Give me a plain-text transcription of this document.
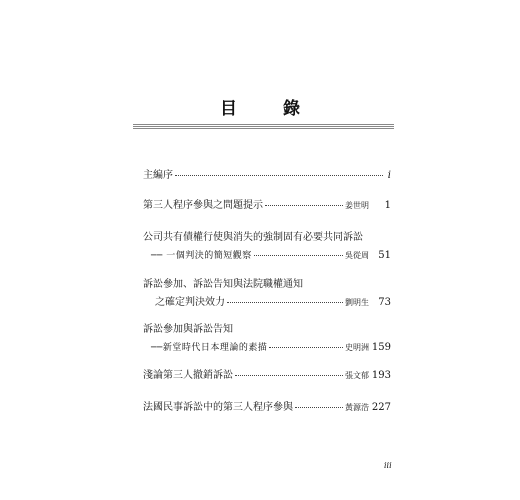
目 錄
主編序	i
第三人程序參與之問題提示	姜世明	1
公司共有債權行使與消失的強制固有必要共同訴訟
── 一個判決的簡短觀察	吳從周 51
訴訟參加、訴訟告知與法院職權通知
之確定判決效力	劉明生 73
訴訟參加與訴訟告知
──新堂時代日本理論的素描	史明洲 159
淺論第三人撤銷訴訟	張文郁 193
法國民事訴訟中的第三人程序參與	黃源浩 227
iii
